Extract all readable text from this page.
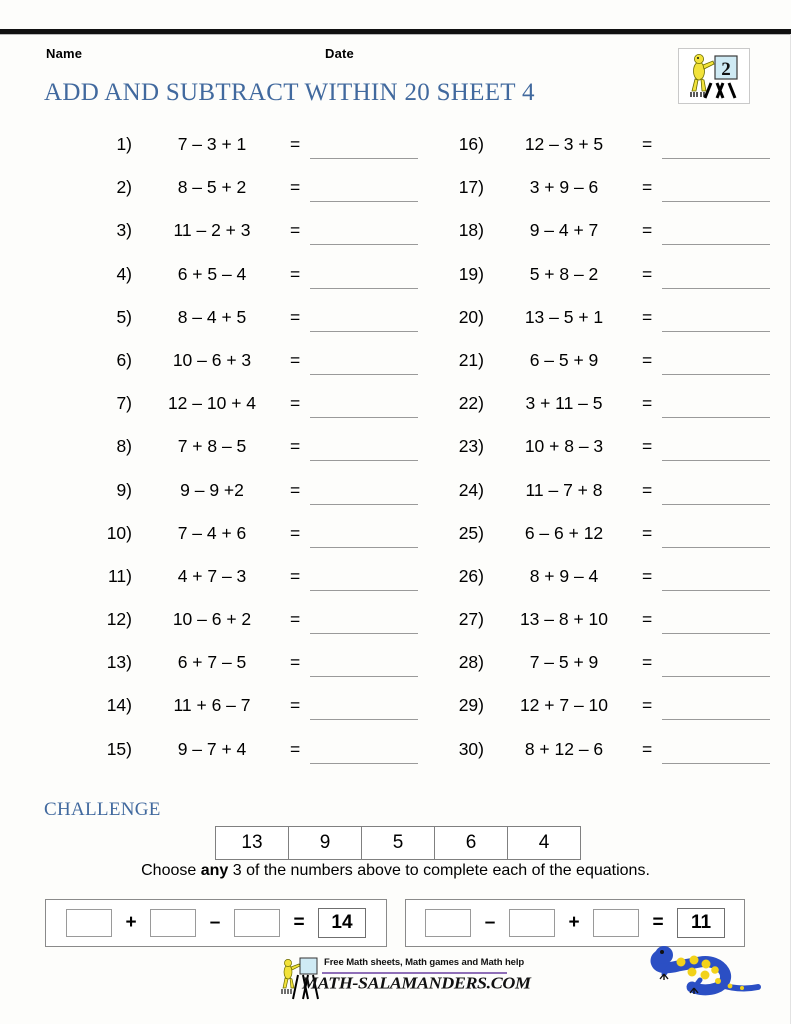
Name	Date
ADD AND SUBTRACT WITHIN 20 SHEET 4
2
1)	7 – 3 + 1	=
2)	8 – 5 + 2	=
3)	11 – 2 + 3	=
4)	6 + 5 – 4	=
5)	8 – 4 + 5	=
6)	10 – 6 + 3	=
7)	12 – 10 + 4	=
8)	7 + 8 – 5	=
9)	9 – 9 +2	=
10)	7 – 4 + 6	=
11)	4 + 7 – 3	=
12)	10 – 6 + 2	=
13)	6 + 7 – 5	=
14)	11 + 6 – 7	=
15)	9 – 7 + 4	=
16)	12 – 3 + 5	=
17)	3 + 9 – 6	=
18)	9 – 4 + 7	=
19)	5 + 8 – 2	=
20)	13 – 5 + 1	=
21)	6 – 5 + 9	=
22)	3 + 11 – 5	=
23)	10 + 8 – 3	=
24)	11 – 7 + 8	=
25)	6 – 6 + 12	=
26)	8 + 9 – 4	=
27)	13 – 8 + 10	=
28)	7 – 5 + 9	=
29)	12 + 7 – 10	=
30)	8 + 12 – 6	=
CHALLENGE
13	9	5	6	4
Choose any 3 of the numbers above to complete each of the equations.
+	–	=	14	–	+	=	11
Free Math sheets, Math games and Math help
MATH-SALAMANDERS.COM
